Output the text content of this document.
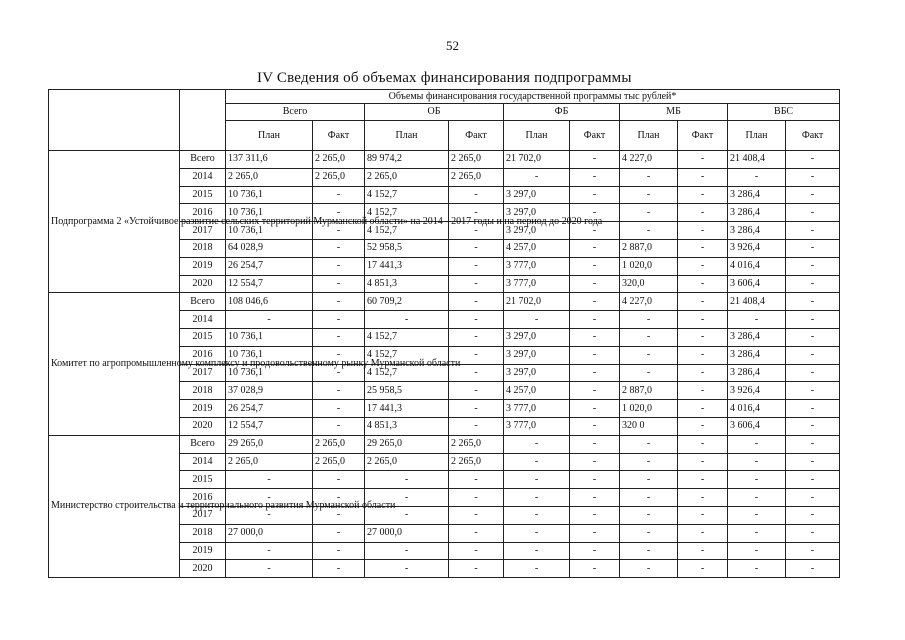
52
IV Сведения об объемах финансирования подпрограммы
		Объемы финансирования государственной программы тыс рублей*									
		Всего		ОБ		ФБ		МБ		ВБС	
		План	Факт	План	Факт	План	Факт	План	Факт	План	Факт
Подпрограмма 2 «Устойчивое развитие сельских территорий Мурманской области» на 2014 - 2017 годы и на период до 2020 года	Всего	137 311,6	2 265,0	89 974,2	2 265,0	21 702,0	-	4 227,0	-	21 408,4	-
	2014	2 265,0	2 265,0	2 265,0	2 265,0	-	-	-	-	-	-
	2015	10 736,1	-	4 152,7	-	3 297,0	-	-	-	3 286,4	-
	2016	10 736,1	-	4 152,7	-	3 297,0	-	-	-	3 286,4	-
	2017	10 736,1	-	4 152,7	-	3 297,0	-	-	-	3 286,4	-
	2018	64 028,9	-	52 958,5	-	4 257,0	-	2 887,0	-	3 926,4	-
	2019	26 254,7	-	17 441,3	-	3 777,0	-	1 020,0	-	4 016,4	-
	2020	12 554,7	-	4 851,3	-	3 777,0	-	320,0	-	3 606,4	-
Комитет по агропромышленному комплексу и продовольственному рынку Мурманской области	Всего	108 046,6	-	60 709,2	-	21 702,0	-	4 227,0	-	21 408,4	-
	2014	-	-	-	-	-	-	-	-	-	-
	2015	10 736,1	-	4 152,7	-	3 297,0	-	-	-	3 286,4	-
	2016	10 736,1	-	4 152,7	-	3 297,0	-	-	-	3 286,4	-
	2017	10 736,1	-	4 152,7	-	3 297,0	-	-	-	3 286,4	-
	2018	37 028,9	-	25 958,5	-	4 257,0	-	2 887,0	-	3 926,4	-
	2019	26 254,7	-	17 441,3	-	3 777,0	-	1 020,0	-	4 016,4	-
	2020	12 554,7	-	4 851,3	-	3 777,0	-	320 0	-	3 606,4	-
Министерство строительства и территориального развития Мурманской области	Всего	29 265,0	2 265,0	29 265,0	2 265,0	-	-	-	-	-	-
	2014	2 265,0	2 265,0	2 265,0	2 265,0	-	-	-	-	-	-
	2015	-	-	-	-	-	-	-	-	-	-
	2016	-	-	-	-	-	-	-	-	-	-
	2017	-	-	-	-	-	-	-	-	-	-
	2018	27 000,0	-	27 000,0	-	-	-	-	-	-	-
	2019	-	-	-	-	-	-	-	-	-	-
	2020	-	-	-	-	-	-	-	-	-	-
